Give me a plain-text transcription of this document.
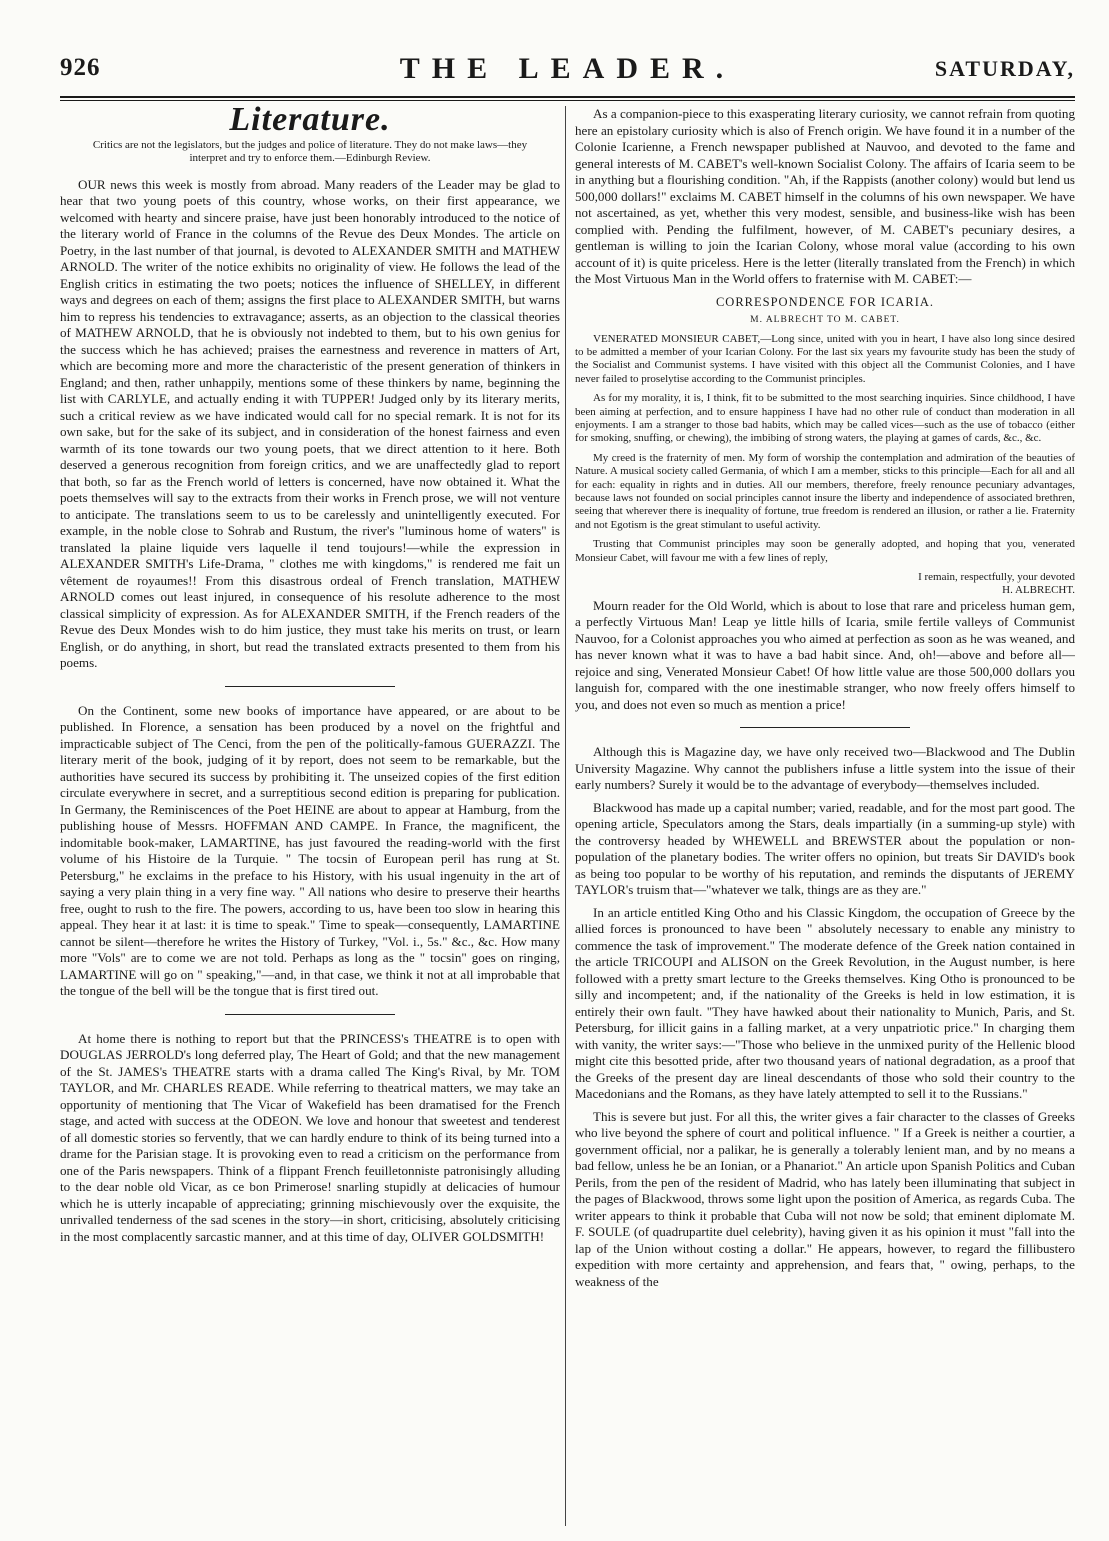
926	THE LEADER.	SATURDAY,
Literature.
Critics are not the legislators, but the judges and police of literature. They do not make laws—they interpret and try to enforce them.—Edinburgh Review.

OUR news this week is mostly from abroad. Many readers of the Leader may be glad to hear that two young poets of this country, whose works, on their first appearance, we welcomed with hearty and sincere praise, have just been honorably introduced to the notice of the literary world of France in the columns of the Revue des Deux Mondes. The article on Poetry, in the last number of that journal, is devoted to ALEXANDER SMITH and MATHEW ARNOLD. The writer of the notice exhibits no originality of view. He follows the lead of the English critics in estimating the two poets; notices the influence of SHELLEY, in different ways and degrees on each of them; assigns the first place to ALEXANDER SMITH, but warns him to repress his tendencies to extravagance; asserts, as an objection to the classical theories of MATHEW ARNOLD, that he is obviously not indebted to them, but to his own genius for the success which he has achieved; praises the earnestness and reverence in matters of Art, which are becoming more and more the characteristic of the present generation of thinkers in England; and then, rather unhappily, mentions some of these thinkers by name, beginning the list with CARLYLE, and actually ending it with TUPPER! Judged only by its literary merits, such a critical review as we have indicated would call for no special remark. It is not for its own sake, but for the sake of its subject, and in consideration of the honest fairness and even warmth of its tone towards our two young poets, that we direct attention to it here. Both deserved a generous recognition from foreign critics, and we are unaffectedly glad to report that both, so far as the French world of letters is concerned, have now obtained it. What the poets themselves will say to the extracts from their works in French prose, we will not venture to anticipate. The translations seem to us to be carelessly and unintelligently executed. For example, in the noble close to Sohrab and Rustum, the river's "luminous home of waters" is translated la plaine liquide vers laquelle il tend toujours!—while the expression in ALEXANDER SMITH's Life-Drama, " clothes me with kingdoms," is rendered me fait un vêtement de royaumes!! From this disastrous ordeal of French translation, MATHEW ARNOLD comes out least injured, in consequence of his resolute adherence to the most classical simplicity of expression. As for ALEXANDER SMITH, if the French readers of the Revue des Deux Mondes wish to do him justice, they must take his merits on trust, or learn English, or do anything, in short, but read the translated extracts presented to them from his poems.

On the Continent, some new books of importance have appeared, or are about to be published. In Florence, a sensation has been produced by a novel on the frightful and impracticable subject of The Cenci, from the pen of the politically-famous GUERAZZI. The literary merit of the book, judging of it by report, does not seem to be remarkable, but the authorities have secured its success by prohibiting it. The unseized copies of the first edition circulate everywhere in secret, and a surreptitious second edition is preparing for publication. In Germany, the Reminiscences of the Poet HEINE are about to appear at Hamburg, from the publishing house of Messrs. HOFFMAN AND CAMPE. In France, the magnificent, the indomitable book-maker, LAMARTINE, has just favoured the reading-world with the first volume of his Histoire de la Turquie. " The tocsin of European peril has rung at St. Petersburg," he exclaims in the preface to his History, with his usual ingenuity in the art of saying a very plain thing in a very fine way. " All nations who desire to preserve their hearths free, ought to rush to the fire. The powers, according to us, have been too slow in hearing this appeal. They hear it at last: it is time to speak." Time to speak—consequently, LAMARTINE cannot be silent—therefore he writes the History of Turkey, "Vol. i., 5s." &c., &c. How many more "Vols" are to come we are not told. Perhaps as long as the " tocsin" goes on ringing, LAMARTINE will go on " speaking,"—and, in that case, we think it not at all improbable that the tongue of the bell will be the tongue that is first tired out.

At home there is nothing to report but that the PRINCESS's THEATRE is to open with DOUGLAS JERROLD's long deferred play, The Heart of Gold; and that the new management of the St. JAMES's THEATRE starts with a drama called The King's Rival, by Mr. TOM TAYLOR, and Mr. CHARLES READE. While referring to theatrical matters, we may take an opportunity of mentioning that The Vicar of Wakefield has been dramatised for the French stage, and acted with success at the ODEON. We love and honour that sweetest and tenderest of all domestic stories so fervently, that we can hardly endure to think of its being turned into a drame for the Parisian stage. It is provoking even to read a criticism on the performance from one of the Paris newspapers. Think of a flippant French feuilletonniste patronisingly alluding to the dear noble old Vicar, as ce bon Primerose! snarling stupidly at delicacies of humour which he is utterly incapable of appreciating; grinning mischievously over the exquisite, the unrivalled tenderness of the sad scenes in the story—in short, criticising, absolutely criticising in the most complacently sarcastic manner, and at this time of day, OLIVER GOLDSMITH!

As a companion-piece to this exasperating literary curiosity, we cannot refrain from quoting here an epistolary curiosity which is also of French origin. We have found it in a number of the Colonie Icarienne, a French newspaper published at Nauvoo, and devoted to the fame and general interests of M. CABET's well-known Socialist Colony. The affairs of Icaria seem to be in anything but a flourishing condition. "Ah, if the Rappists (another colony) would but lend us 500,000 dollars!" exclaims M. CABET himself in the columns of his own newspaper. We have not ascertained, as yet, whether this very modest, sensible, and business-like wish has been complied with. Pending the fulfilment, however, of M. CABET's pecuniary desires, a gentleman is willing to join the Icarian Colony, whose moral value (according to his own account of it) is quite priceless. Here is the letter (literally translated from the French) in which the Most Virtuous Man in the World offers to fraternise with M. CABET:—

CORRESPONDENCE FOR ICARIA.
M. ALBRECHT TO M. CABET.

VENERATED MONSIEUR CABET,—Long since, united with you in heart, I have also long since desired to be admitted a member of your Icarian Colony. For the last six years my favourite study has been the study of the Socialist and Communist systems. I have visited with this object all the Communist Colonies, and I have never failed to proselytise according to the Communist principles.

As for my morality, it is, I think, fit to be submitted to the most searching inquiries. Since childhood, I have been aiming at perfection, and to ensure happiness I have had no other rule of conduct than moderation in all enjoyments. I am a stranger to those bad habits, which may be called vices—such as the use of tobacco (either for smoking, snuffing, or chewing), the imbibing of strong waters, the playing at games of cards, &c., &c.

My creed is the fraternity of men. My form of worship the contemplation and admiration of the beauties of Nature. A musical society called Germania, of which I am a member, sticks to this principle—Each for all and all for each: equality in rights and in duties. All our members, therefore, freely renounce pecuniary advantages, because laws not founded on social principles cannot insure the liberty and independence of associated brethren, seeing that wherever there is inequality of fortune, true freedom is rendered an illusion, or rather a lie. Fraternity and not Egotism is the great stimulant to useful activity.

Trusting that Communist principles may soon be generally adopted, and hoping that you, venerated Monsieur Cabet, will favour me with a few lines of reply,

I remain, respectfully, your devoted
H. ALBRECHT.

Mourn reader for the Old World, which is about to lose that rare and priceless human gem, a perfectly Virtuous Man! Leap ye little hills of Icaria, smile fertile valleys of Communist Nauvoo, for a Colonist approaches you who aimed at perfection as soon as he was weaned, and has never known what it was to have a bad habit since. And, oh!—above and before all—rejoice and sing, Venerated Monsieur Cabet! Of how little value are those 500,000 dollars you languish for, compared with the one inestimable stranger, who now freely offers himself to you, and does not even so much as mention a price!

Although this is Magazine day, we have only received two—Blackwood and The Dublin University Magazine. Why cannot the publishers infuse a little system into the issue of their early numbers? Surely it would be to the advantage of everybody—themselves included.

Blackwood has made up a capital number; varied, readable, and for the most part good. The opening article, Speculators among the Stars, deals impartially (in a summing-up style) with the controversy headed by WHEWELL and BREWSTER about the population or non-population of the planetary bodies. The writer offers no opinion, but treats Sir DAVID's book as being too popular to be worthy of his reputation, and reminds the disputants of JEREMY TAYLOR's truism that—"whatever we talk, things are as they are."

In an article entitled King Otho and his Classic Kingdom, the occupation of Greece by the allied forces is pronounced to have been " absolutely necessary to enable any ministry to commence the task of improvement." The moderate defence of the Greek nation contained in the article TRICOUPI and ALISON on the Greek Revolution, in the August number, is here followed with a pretty smart lecture to the Greeks themselves. King Otho is pronounced to be silly and incompetent; and, if the nationality of the Greeks is held in low estimation, it is entirely their own fault. "They have hawked about their nationality to Munich, Paris, and St. Petersburg, for illicit gains in a falling market, at a very unpatriotic price." In charging them with vanity, the writer says:—"Those who believe in the unmixed purity of the Hellenic blood might cite this besotted pride, after two thousand years of national degradation, as a proof that the Greeks of the present day are lineal descendants of those who sold their country to the Macedonians and the Romans, as they have lately attempted to sell it to the Russians."

This is severe but just. For all this, the writer gives a fair character to the classes of Greeks who live beyond the sphere of court and political influence. " If a Greek is neither a courtier, a government official, nor a palikar, he is generally a tolerably lenient man, and by no means a bad fellow, unless he be an Ionian, or a Phanariot." An article upon Spanish Politics and Cuban Perils, from the pen of the resident of Madrid, who has lately been illuminating that subject in the pages of Blackwood, throws some light upon the position of America, as regards Cuba. The writer appears to think it probable that Cuba will not now be sold; that eminent diplomate M. F. SOULE (of quadrupartite duel celebrity), having given it as his opinion it must "fall into the lap of the Union without costing a dollar." He appears, however, to regard the fillibustero expedition with more certainty and apprehension, and fears that, " owing, perhaps, to the weakness of the
